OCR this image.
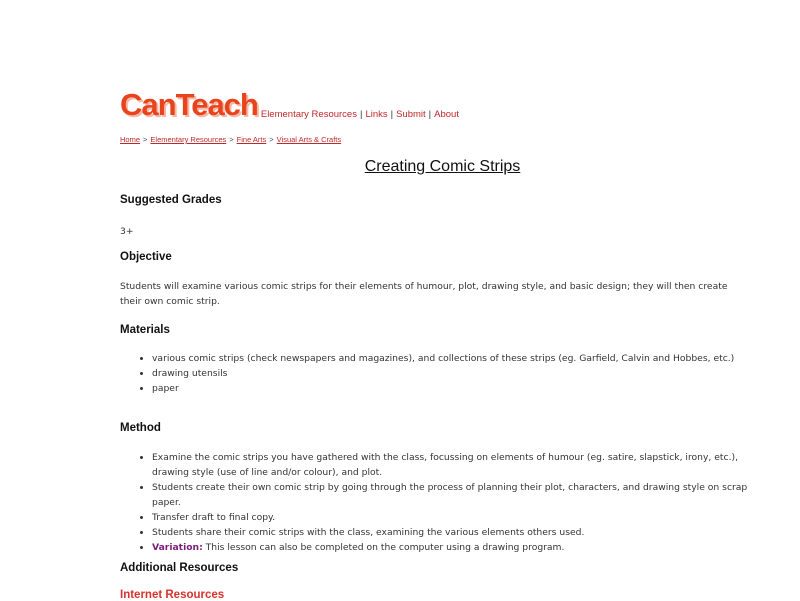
CanTeach Elementary Resources | Links | Submit | About
Home > Elementary Resources > Fine Arts > Visual Arts & Crafts
Creating Comic Strips
Suggested Grades

3+

Objective

Students will examine various comic strips for their elements of humour, plot, drawing style, and basic design; they will then create their own comic strip.

Materials
• various comic strips (check newspapers and magazines), and collections of these strips (eg. Garfield, Calvin and Hobbes, etc.)
• drawing utensils
• paper
Method
• Examine the comic strips you have gathered with the class, focussing on elements of humour (eg. satire, slapstick, irony, etc.), drawing style (use of line and/or colour), and plot.
• Students create their own comic strip by going through the process of planning their plot, characters, and drawing style on scrap paper.
• Transfer draft to final copy.
• Students share their comic strips with the class, examining the various elements others used.
• Variation: This lesson can also be completed on the computer using a drawing program.
Additional Resources
Internet Resources
